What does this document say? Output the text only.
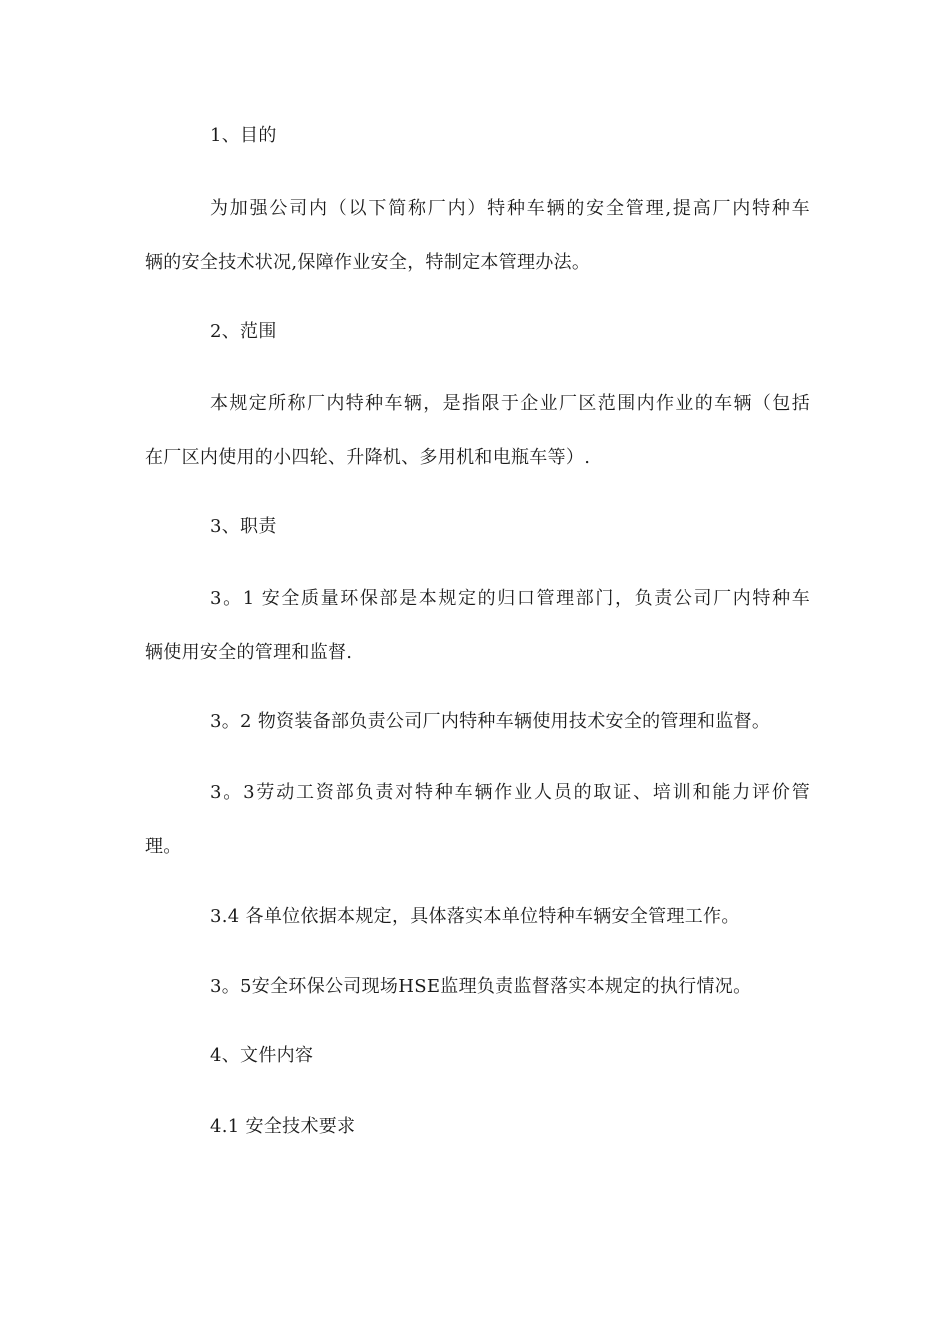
1、目的
为加强公司内（以下简称厂内）特种车辆的安全管理,提高厂内特种车
辆的安全技术状况,保障作业安全，特制定本管理办法。
2、范围
本规定所称厂内特种车辆，是指限于企业厂区范围内作业的车辆（包括
在厂区内使用的小四轮、升降机、多用机和电瓶车等）.
3、职责
3。1 安全质量环保部是本规定的归口管理部门，负责公司厂内特种车
辆使用安全的管理和监督.
3。2 物资装备部负责公司厂内特种车辆使用技术安全的管理和监督。
3。3劳动工资部负责对特种车辆作业人员的取证、培训和能力评价管
理。
3.4 各单位依据本规定，具体落实本单位特种车辆安全管理工作。
3。5安全环保公司现场HSE监理负责监督落实本规定的执行情况。
4、文件内容
4.1 安全技术要求
